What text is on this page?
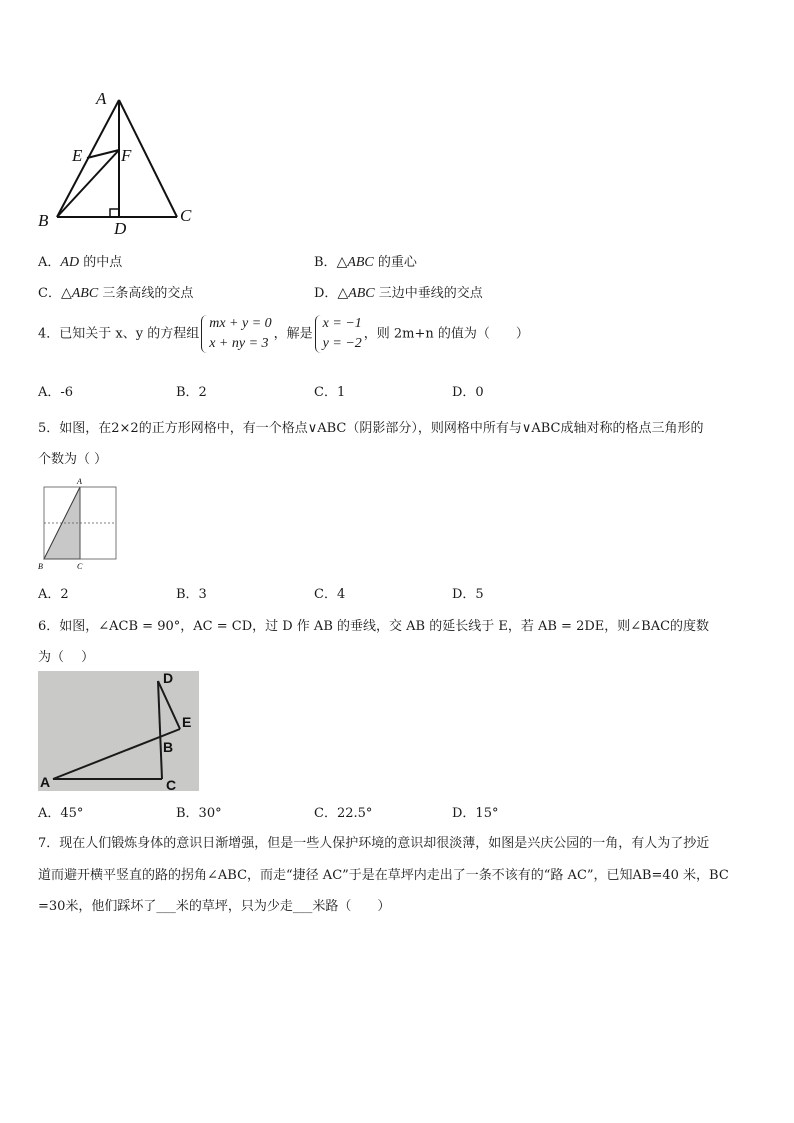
A
E F
B	C
D
A．AD 的中点	B．△ABC 的重心
C．△ABC 三条高线的交点	D．△ABC 三边中垂线的交点
4．已知关于 x、y 的方程组
mx + y = 0
x + ny = 3
，解是
x = −1
y = −2
，则 2m+n 的值为（　　）
A．-6	B．2	C．1	D．0
5．如图，在2×2的正方形网格中，有一个格点∨ABC（阴影部分），则网格中所有与∨ABC成轴对称的格点三角形的
个数为（ ）
A
B	C
A．2	B．3	C．4	D．5
6．如图，∠ACB = 90°，AC = CD，过 D 作 AB 的垂线，交 AB 的延长线于 E，若 AB = 2DE，则∠BAC的度数
为（　 ）
A
B
C
D
E
A．45°	B．30°	C．22.5°	D．15°
7．现在人们锻炼身体的意识日渐增强，但是一些人保护环境的意识却很淡薄，如图是兴庆公园的一角，有人为了抄近
道而避开横平竖直的路的拐角∠ABC，而走“捷径 AC”于是在草坪内走出了一条不该有的“路 AC”，已知AB=40 米，BC
=30米，他们踩坏了___米的草坪，只为少走___米路（　　）
